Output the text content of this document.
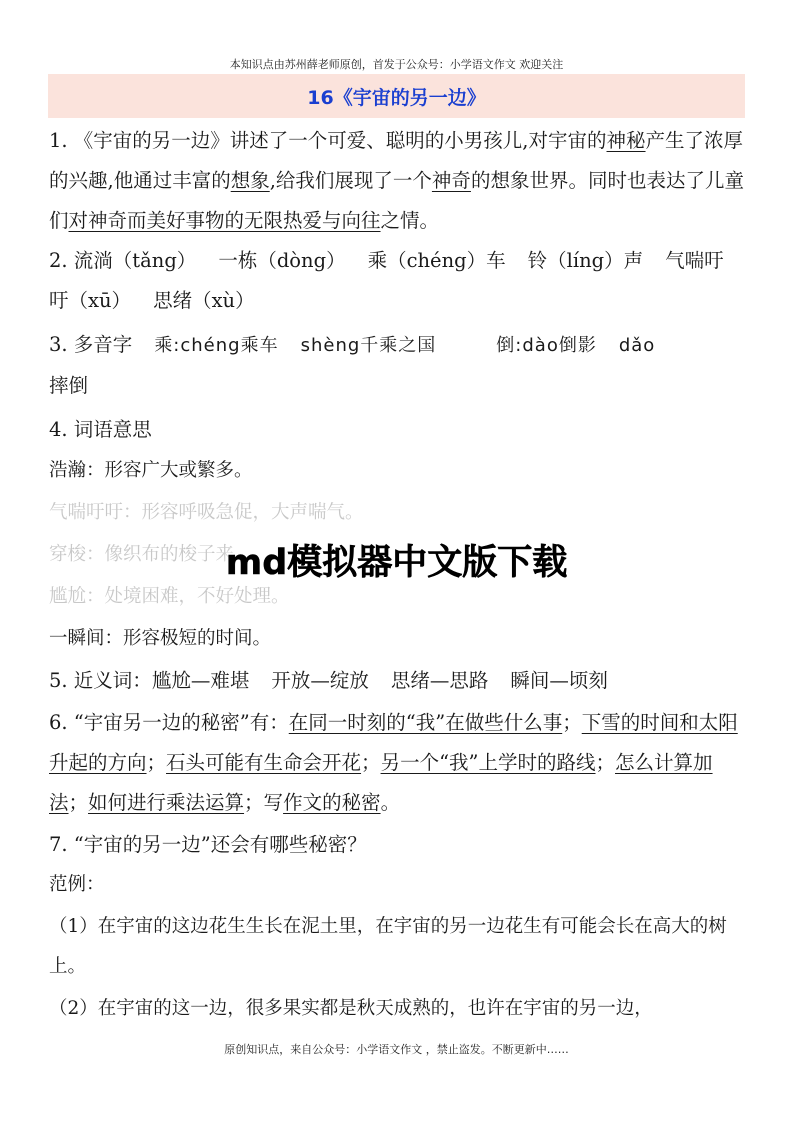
本知识点由苏州薛老师原创，首发于公众号：小学语文作文 欢迎关注
16《宇宙的另一边》

1. 《宇宙的另一边》讲述了一个可爱、聪明的小男孩儿,对宇宙的神秘产生了浓厚的兴趣,他通过丰富的想象,给我们展现了一个神奇的想象世界。同时也表达了儿童们对神奇而美好事物的无限热爱与向往之情。

2. 流淌（tǎng） 一栋（dòng） 乘（chéng）车 铃（líng）声 气喘吁

吁（xū） 思绪（xù）

3. 多音字 乘:chéng乘车 shèng千乘之国	倒:dào倒影 dǎo

摔倒

4. 词语意思

浩瀚：形容广大或繁多。

气喘吁吁：形容呼吸急促，大声喘气。

穿梭：像织布的梭子来

尴尬：处境困难，不好处理。

一瞬间：形容极短的时间。

5. 近义词：尴尬—难堪 开放—绽放 思绪—思路 瞬间—顷刻

6. “宇宙另一边的秘密”有：在同一时刻的“我”在做些什么事；下雪的时间和太阳升起的方向；石头可能有生命会开花；另一个“我”上学时的路线；怎么计算加法；如何进行乘法运算；写作文的秘密。

7. “宇宙的另一边”还会有哪些秘密？

范例：

（1）在宇宙的这边花生生长在泥土里，在宇宙的另一边花生有可能会长在高大的树上。

（2）在宇宙的这一边，很多果实都是秋天成熟的，也许在宇宙的另一边，

md模拟器中文版下载
原创知识点，来自公众号：小学语文作文 ，禁止盗发。不断更新中……
